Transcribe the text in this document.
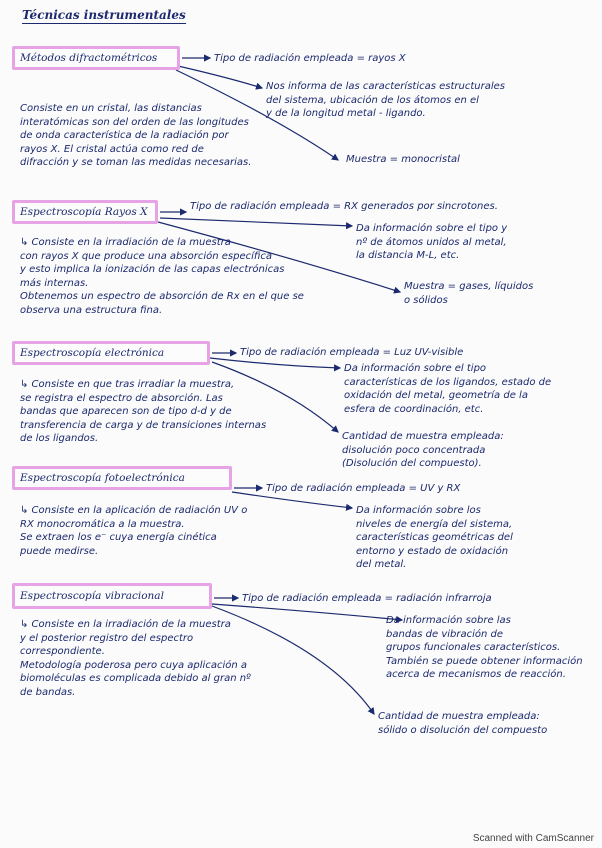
Técnicas instrumentales
Métodos difractométricos	Tipo de radiación empleada = rayos X

Nos informa de las características estructurales
del sistema, ubicación de los átomos en el
y de la longitud metal - ligando.

Muestra = monocristal

Consiste en un cristal, las distancias
interatómicas son del orden de las longitudes
de onda característica de la radiación por
rayos X. El cristal actúa como red de
difracción y se toman las medidas necesarias.

Espectroscopía Rayos X	Tipo de radiación empleada = RX generados por sincrotones.

Da información sobre el tipo y
nº de átomos unidos al metal,
la distancia M-L, etc.

Muestra = gases, líquidos
o sólidos

↳ Consiste en la irradiación de la muestra
con rayos X que produce una absorción específica
y esto implica la ionización de las capas electrónicas
más internas.
Obtenemos un espectro de absorción de Rx en el que se
observa una estructura fina.

Espectroscopía electrónica	Tipo de radiación empleada = Luz UV-visible

Da información sobre el tipo
características de los ligandos, estado de
oxidación del metal, geometría de la
esfera de coordinación, etc.

Cantidad de muestra empleada:
disolución poco concentrada
(Disolución del compuesto).

↳ Consiste en que tras irradiar la muestra,
se registra el espectro de absorción. Las
bandas que aparecen son de tipo d-d y de
transferencia de carga y de transiciones internas
de los ligandos.

Espectroscopía fotoelectrónica

Tipo de radiación empleada = UV y RX

Da información sobre los
niveles de energía del sistema,
características geométricas del
entorno y estado de oxidación
del metal.

↳ Consiste en la aplicación de radiación UV o
RX monocromática a la muestra.
Se extraen los e⁻ cuya energía cinética
puede medirse.

Espectroscopía vibracional	Tipo de radiación empleada = radiación infrarroja

Da información sobre las
bandas de vibración de
grupos funcionales característicos.
También se puede obtener información
acerca de mecanismos de reacción.

Cantidad de muestra empleada:
sólido o disolución del compuesto

↳ Consiste en la irradiación de la muestra
y el posterior registro del espectro
correspondiente.
Metodología poderosa pero cuya aplicación a
biomoléculas es complicada debido al gran nº
de bandas.

Scanned with CamScanner
